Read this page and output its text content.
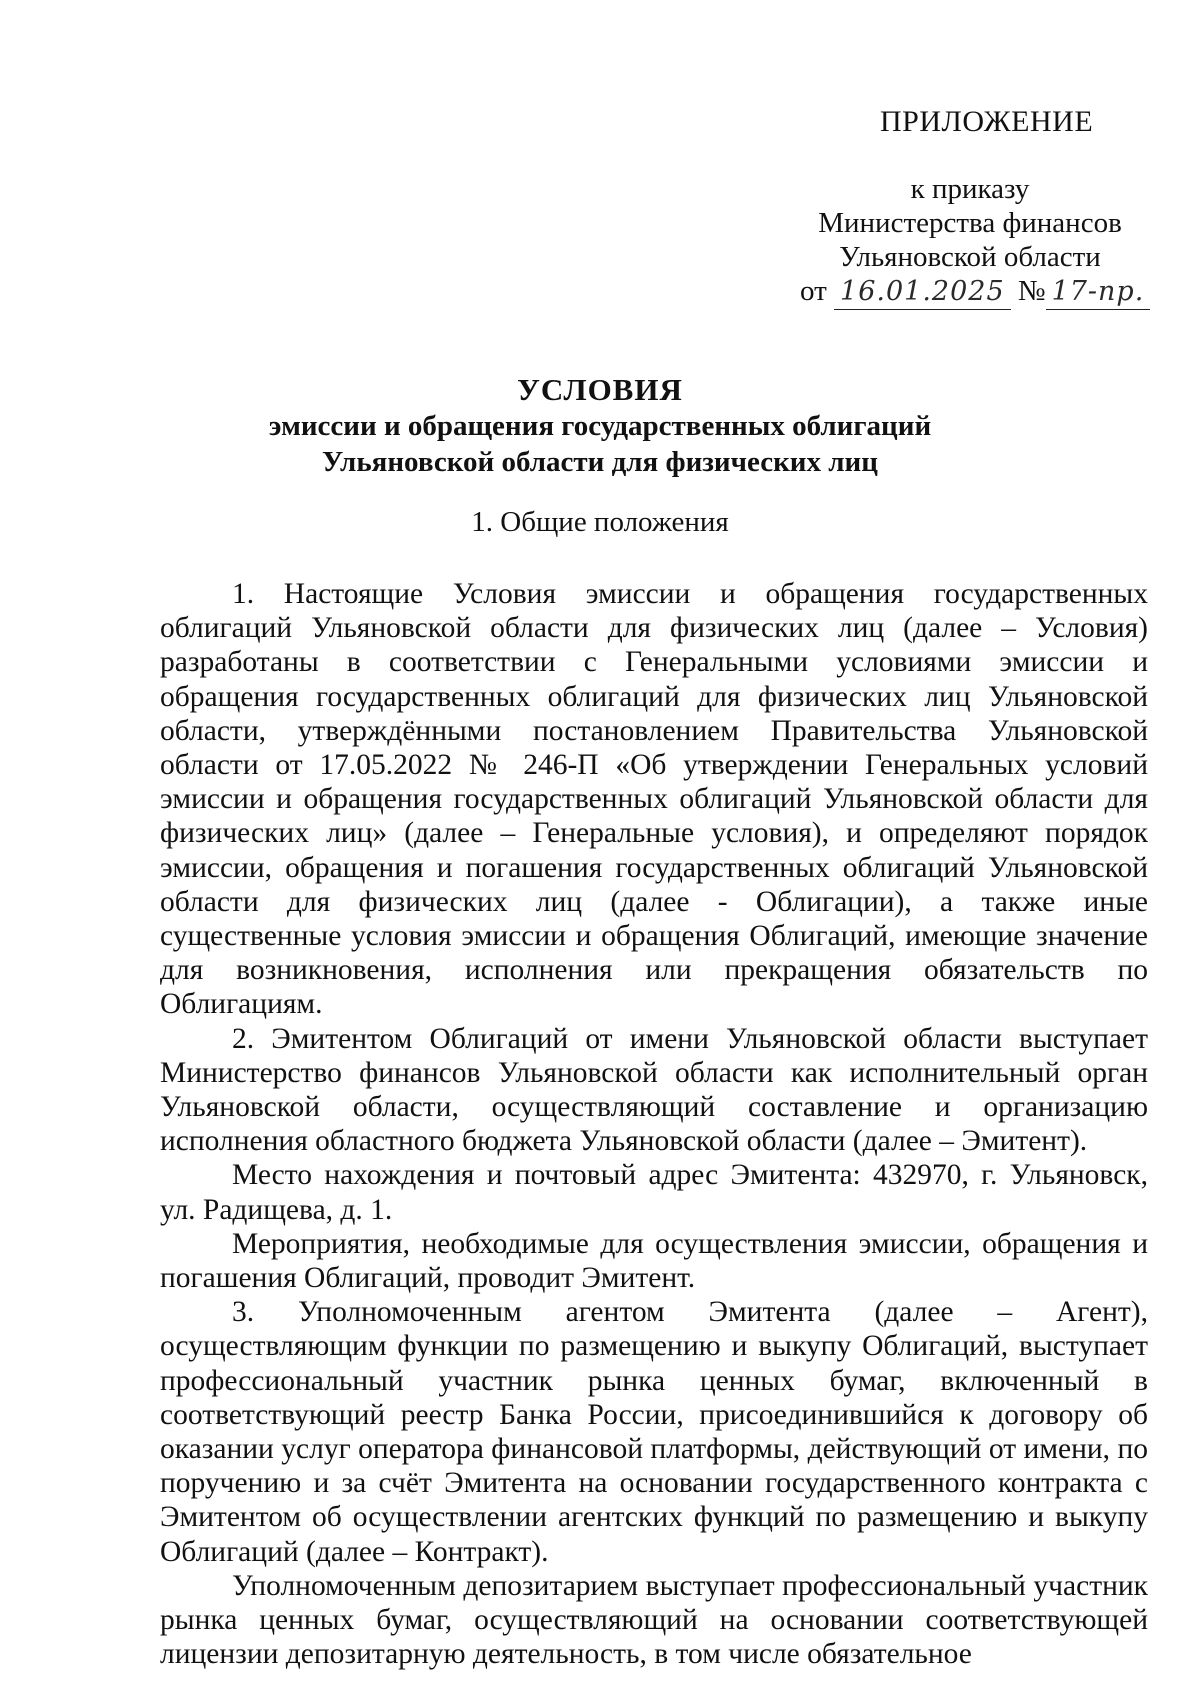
ПРИЛОЖЕНИЕ
к приказу
Министерства финансов
Ульяновской области
от 16.01.2025 № 17-пр.
УСЛОВИЯ
эмиссии и обращения государственных облигаций
Ульяновской области для физических лиц
1. Общие положения

1. Настоящие Условия эмиссии и обращения государственных облигаций Ульяновской области для физических лиц (далее – Условия) разработаны в соответствии с Генеральными условиями эмиссии и обращения государственных облигаций для физических лиц Ульяновской области, утверждёнными постановлением Правительства Ульяновской области от 17.05.2022 № 246-П «Об утверждении Генеральных условий эмиссии и обращения государственных облигаций Ульяновской области для физических лиц» (далее – Генеральные условия), и определяют порядок эмиссии, обращения и погашения государственных облигаций Ульяновской области для физических лиц (далее - Облигации), а также иные существенные условия эмиссии и обращения Облигаций, имеющие значение для возникновения, исполнения или прекращения обязательств по Облигациям.

2. Эмитентом Облигаций от имени Ульяновской области выступает Министерство финансов Ульяновской области как исполнительный орган Ульяновской области, осуществляющий составление и организацию исполнения областного бюджета Ульяновской области (далее – Эмитент).

Место нахождения и почтовый адрес Эмитента: 432970, г. Ульяновск, ул. Радищева, д. 1.

Мероприятия, необходимые для осуществления эмиссии, обращения и погашения Облигаций, проводит Эмитент.

3. Уполномоченным агентом Эмитента (далее – Агент), осуществляющим функции по размещению и выкупу Облигаций, выступает профессиональный участник рынка ценных бумаг, включенный в соответствующий реестр Банка России, присоединившийся к договору об оказании услуг оператора финансовой платформы, действующий от имени, по поручению и за счёт Эмитента на основании государственного контракта с Эмитентом об осуществлении агентских функций по размещению и выкупу Облигаций (далее – Контракт).

Уполномоченным депозитарием выступает профессиональный участник рынка ценных бумаг, осуществляющий на основании соответствующей лицензии депозитарную деятельность, в том числе обязательное
